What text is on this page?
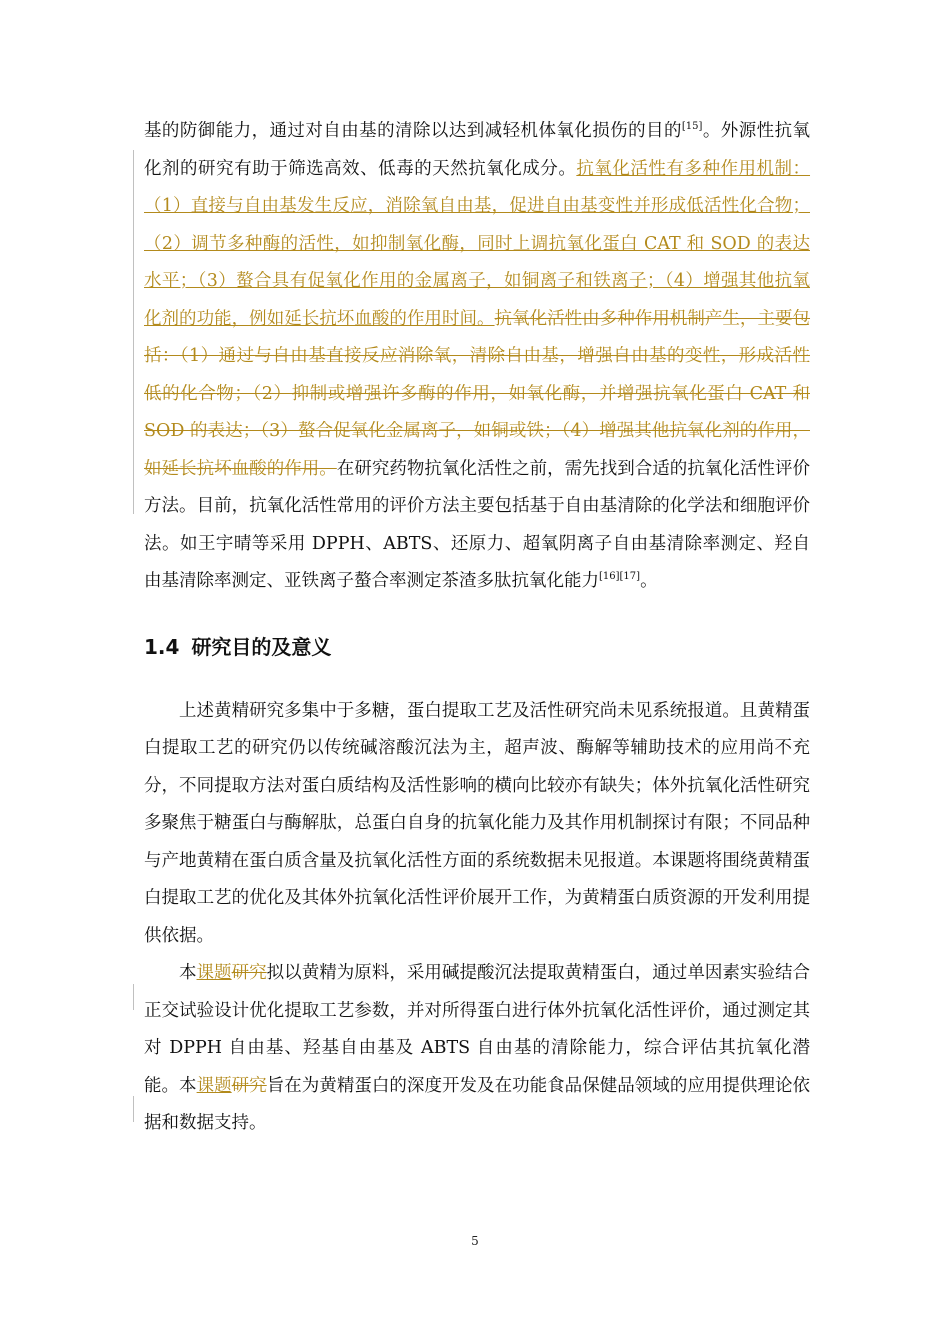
基的防御能力，通过对自由基的清除以达到减轻机体氧化损伤的目的[15]。外源性抗氧化剂的研究有助于筛选高效、低毒的天然抗氧化成分。抗氧化活性有多种作用机制：（1）直接与自由基发生反应，消除氧自由基，促进自由基变性并形成低活性化合物；（2）调节多种酶的活性，如抑制氧化酶，同时上调抗氧化蛋白 CAT 和 SOD 的表达水平；（3）螯合具有促氧化作用的金属离子，如铜离子和铁离子；（4）增强其他抗氧化剂的功能，例如延长抗坏血酸的作用时间。抗氧化活性由多种作用机制产生，主要包括：（1）通过与自由基直接反应消除氧，清除自由基，增强自由基的变性，形成活性低的化合物；（2）抑制或增强许多酶的作用，如氧化酶，并增强抗氧化蛋白 CAT 和 SOD 的表达；（3）螯合促氧化金属离子，如铜或铁；（4）增强其他抗氧化剂的作用，如延长抗坏血酸的作用。在研究药物抗氧化活性之前，需先找到合适的抗氧化活性评价方法。目前，抗氧化活性常用的评价方法主要包括基于自由基清除的化学法和细胞评价法。如王宇晴等采用 DPPH、ABTS、还原力、超氧阴离子自由基清除率测定、羟自由基清除率测定、亚铁离子螯合率测定茶渣多肽抗氧化能力[16][17]。

1.4 研究目的及意义

上述黄精研究多集中于多糖，蛋白提取工艺及活性研究尚未见系统报道。且黄精蛋白提取工艺的研究仍以传统碱溶酸沉法为主，超声波、酶解等辅助技术的应用尚不充分，不同提取方法对蛋白质结构及活性影响的横向比较亦有缺失；体外抗氧化活性研究多聚焦于糖蛋白与酶解肽，总蛋白自身的抗氧化能力及其作用机制探讨有限；不同品种与产地黄精在蛋白质含量及抗氧化活性方面的系统数据未见报道。本课题将围绕黄精蛋白提取工艺的优化及其体外抗氧化活性评价展开工作，为黄精蛋白质资源的开发利用提供依据。

本课题研究拟以黄精为原料，采用碱提酸沉法提取黄精蛋白，通过单因素实验结合正交试验设计优化提取工艺参数，并对所得蛋白进行体外抗氧化活性评价，通过测定其对 DPPH 自由基、羟基自由基及 ABTS 自由基的清除能力，综合评估其抗氧化潜能。本课题研究旨在为黄精蛋白的深度开发及在功能食品保健品领域的应用提供理论依据和数据支持。

5
